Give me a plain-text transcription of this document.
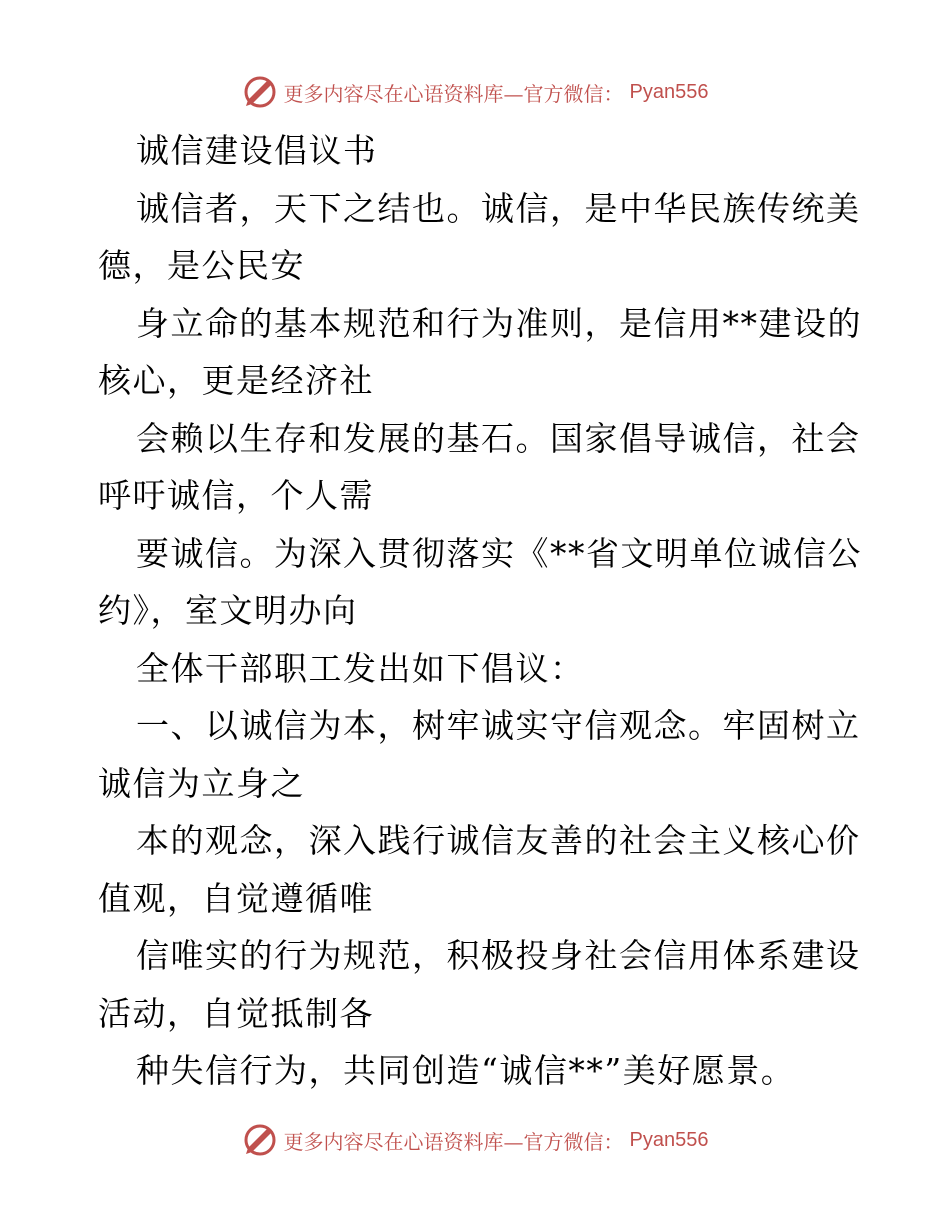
更多内容尽在心语资料库—官方微信： Pyan556
诚信建设倡议书
诚信者，天下之结也。诚信，是中华民族传统美
德，是公民安
身立命的基本规范和行为准则，是信用**建设的
核心，更是经济社
会赖以生存和发展的基石。国家倡导诚信，社会
呼吁诚信，个人需
要诚信。为深入贯彻落实《**省文明单位诚信公
约》，室文明办向
全体干部职工发出如下倡议：
一、以诚信为本，树牢诚实守信观念。牢固树立
诚信为立身之
本的观念，深入践行诚信友善的社会主义核心价
值观，自觉遵循唯
信唯实的行为规范，积极投身社会信用体系建设
活动，自觉抵制各
种失信行为，共同创造“诚信**”美好愿景。
更多内容尽在心语资料库—官方微信： Pyan556
